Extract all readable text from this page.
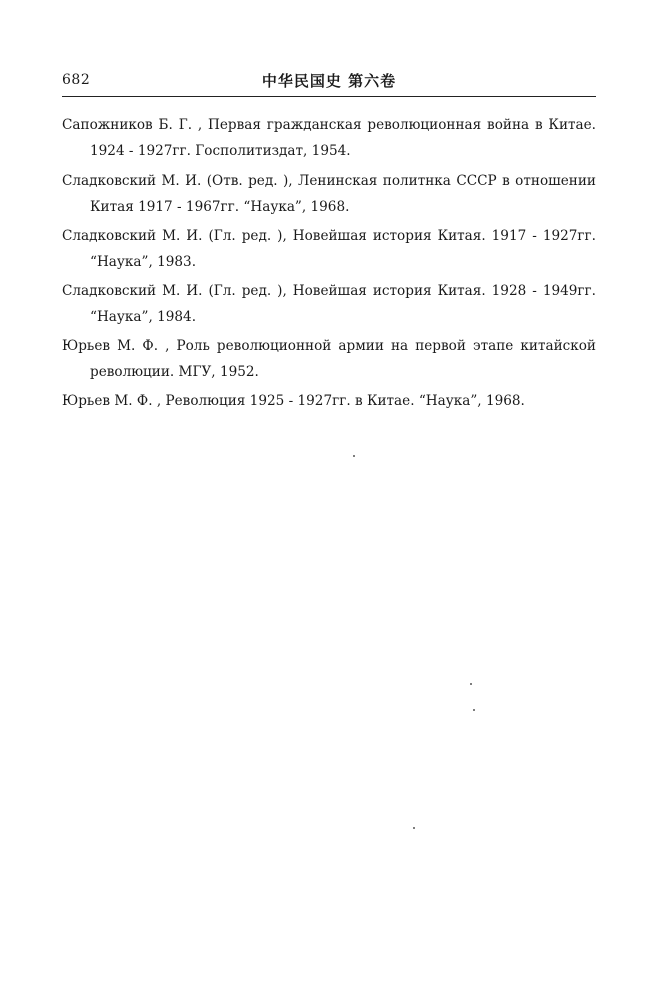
682	中华民国史 第六卷
Сапожников Б. Г. , Первая гражданская революционная война в Китае. 1924 - 1927гг. Госполитиздат, 1954.
Сладковский М. И. (Отв. ред. ), Ленинская политнка СССР в отношении Китая 1917 - 1967гг. “Наука”, 1968.
Сладковский М. И. (Гл. ред. ), Новейшая история Китая. 1917 - 1927гг. “Наука”, 1983.
Сладковский М. И. (Гл. ред. ), Новейшая история Китая. 1928 - 1949гг. “Наука”, 1984.
Юрьев М. Ф. , Роль революционной армии на первой этапе китайской революции. МГУ, 1952.
Юрьев М. Ф. , Революция 1925 - 1927гг. в Китае. “Наука”, 1968.
